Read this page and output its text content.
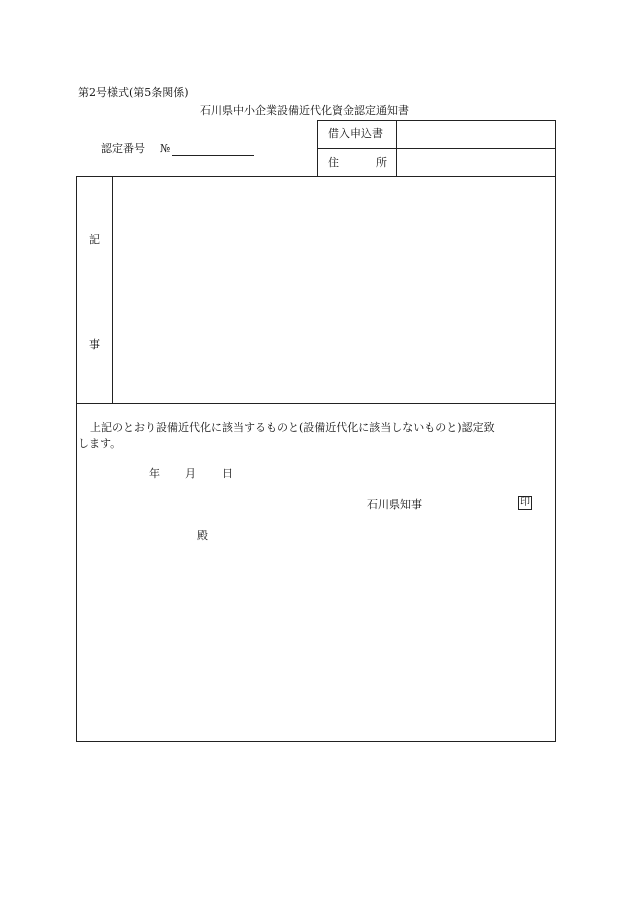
第2号様式(第5条関係)
石川県中小企業設備近代化資金認定通知書
認定番号 №
借入申込書
住	所
記
事
上記のとおり設備近代化に該当するものと(設備近代化に該当しないものと)認定致
します。
年 月 日
石川県知事	印
殿
